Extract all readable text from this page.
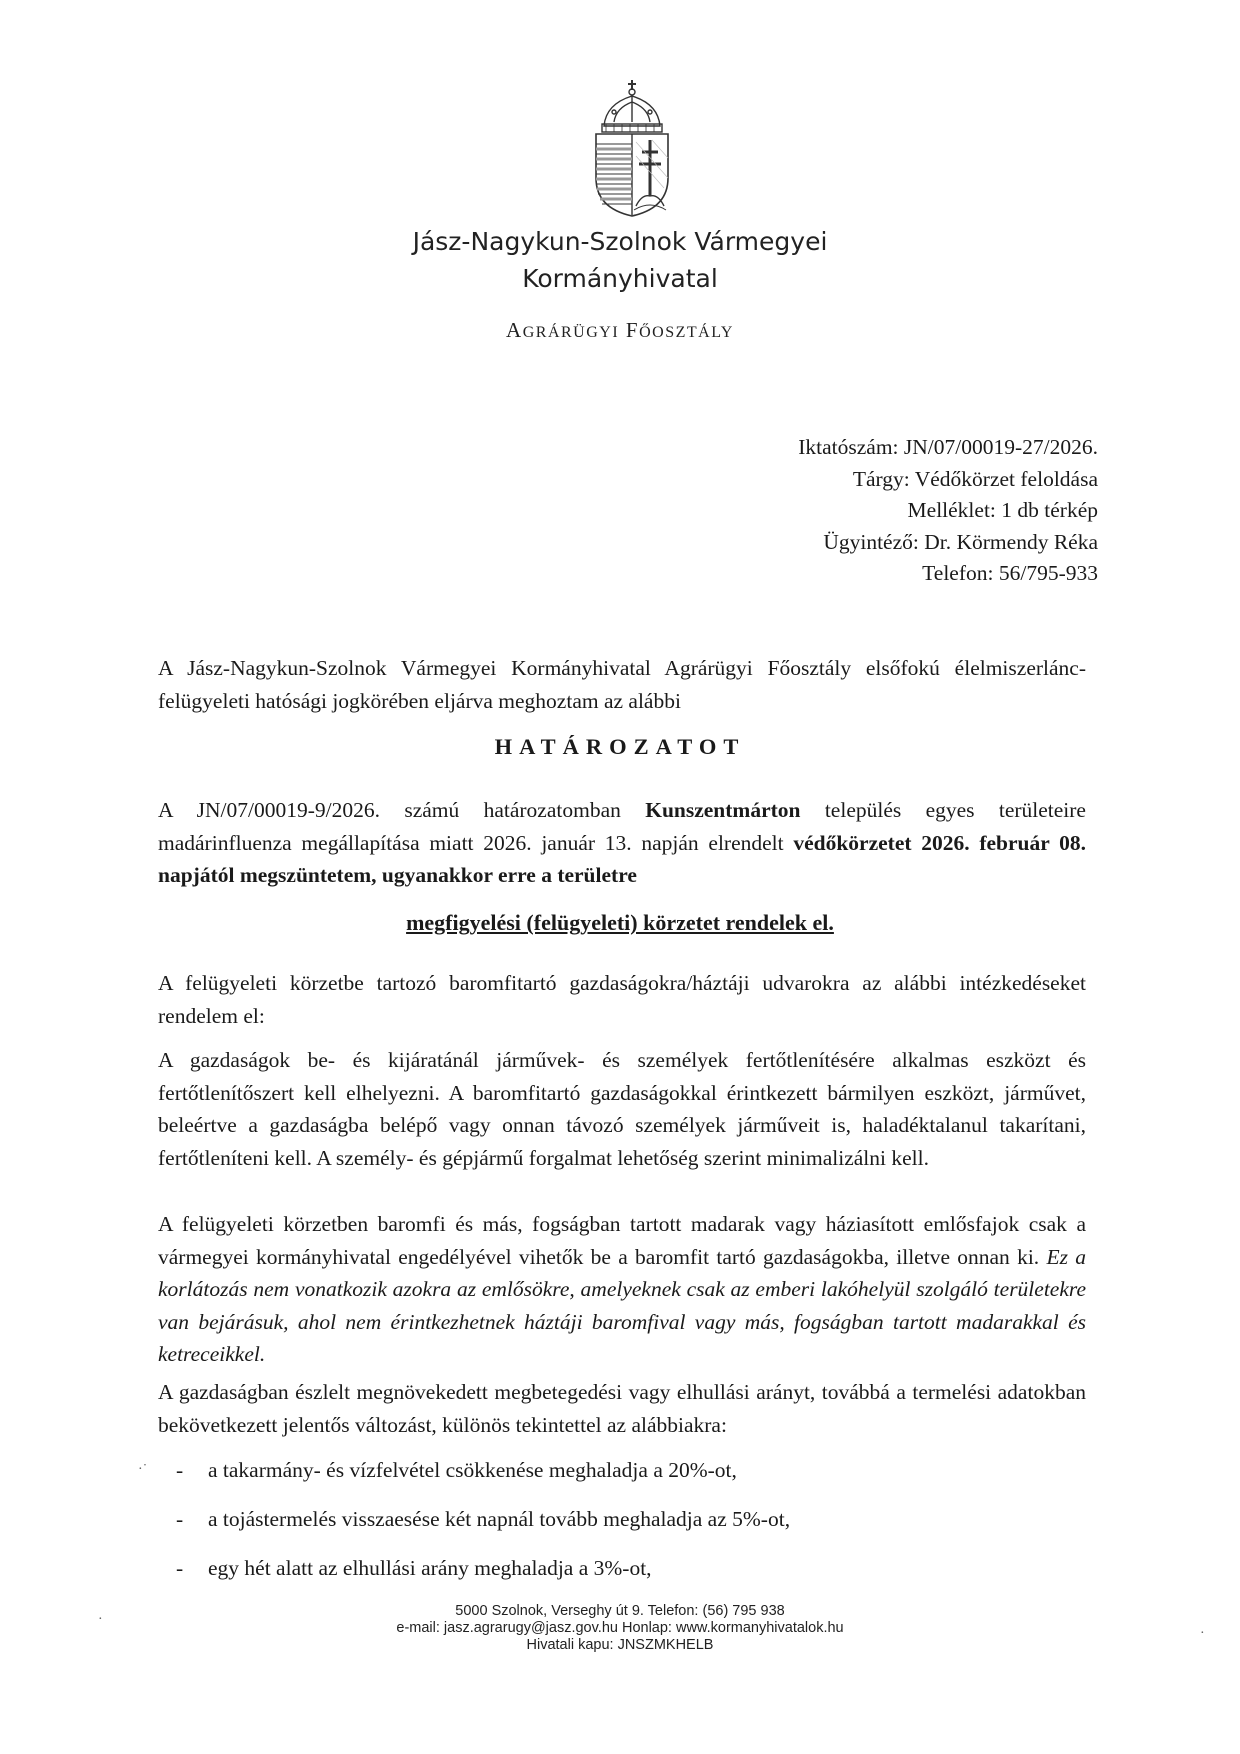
Jász-Nagykun-Szolnok Vármegyei
Kormányhivatal
AGRÁRÜGYI FŐOSZTÁLY
Iktatószám: JN/07/00019-27/2026.
Tárgy: Védőkörzet feloldása
Melléklet: 1 db térkép
Ügyintéző: Dr. Körmendy Réka
Telefon: 56/795-933

A Jász-Nagykun-Szolnok Vármegyei Kormányhivatal Agrárügyi Főosztály elsőfokú élelmiszerlánc-felügyeleti hatósági jogkörében eljárva meghoztam az alábbi

HATÁROZATOT

A JN/07/00019-9/2026. számú határozatomban Kunszentmárton település egyes területeire madárinfluenza megállapítása miatt 2026. január 13. napján elrendelt védőkörzetet 2026. február 08. napjától megszüntetem, ugyanakkor erre a területre

megfigyelési (felügyeleti) körzetet rendelek el.

A felügyeleti körzetbe tartozó baromfitartó gazdaságokra/háztáji udvarokra az alábbi intézkedéseket rendelem el:

A gazdaságok be- és kijáratánál járművek- és személyek fertőtlenítésére alkalmas eszközt és fertőtlenítőszert kell elhelyezni. A baromfitartó gazdaságokkal érintkezett bármilyen eszközt, járművet, beleértve a gazdaságba belépő vagy onnan távozó személyek járműveit is, haladéktalanul takarítani, fertőtleníteni kell. A személy- és gépjármű forgalmat lehetőség szerint minimalizálni kell.

A felügyeleti körzetben baromfi és más, fogságban tartott madarak vagy háziasított emlősfajok csak a vármegyei kormányhivatal engedélyével vihetők be a baromfit tartó gazdaságokba, illetve onnan ki. Ez a korlátozás nem vonatkozik azokra az emlősökre, amelyeknek csak az emberi lakóhelyül szolgáló területekre van bejárásuk, ahol nem érintkezhetnek háztáji baromfival vagy más, fogságban tartott madarakkal és ketreceikkel.

A gazdaságban észlelt megnövekedett megbetegedési vagy elhullási arányt, továbbá a termelési adatokban bekövetkezett jelentős változást, különös tekintettel az alábbiakra:

-	a takarmány- és vízfelvétel csökkenése meghaladja a 20%-ot,
-	a tojástermelés visszaesése két napnál tovább meghaladja az 5%-ot,
-	egy hét alatt az elhullási arány meghaladja a 3%-ot,
5000 Szolnok, Verseghy út 9. Telefon: (56) 795 938
e-mail: jasz.agrarugy@jasz.gov.hu Honlap: www.kormanyhivatalok.hu
Hivatali kapu: JNSZMKHELB
·˙
·
·
